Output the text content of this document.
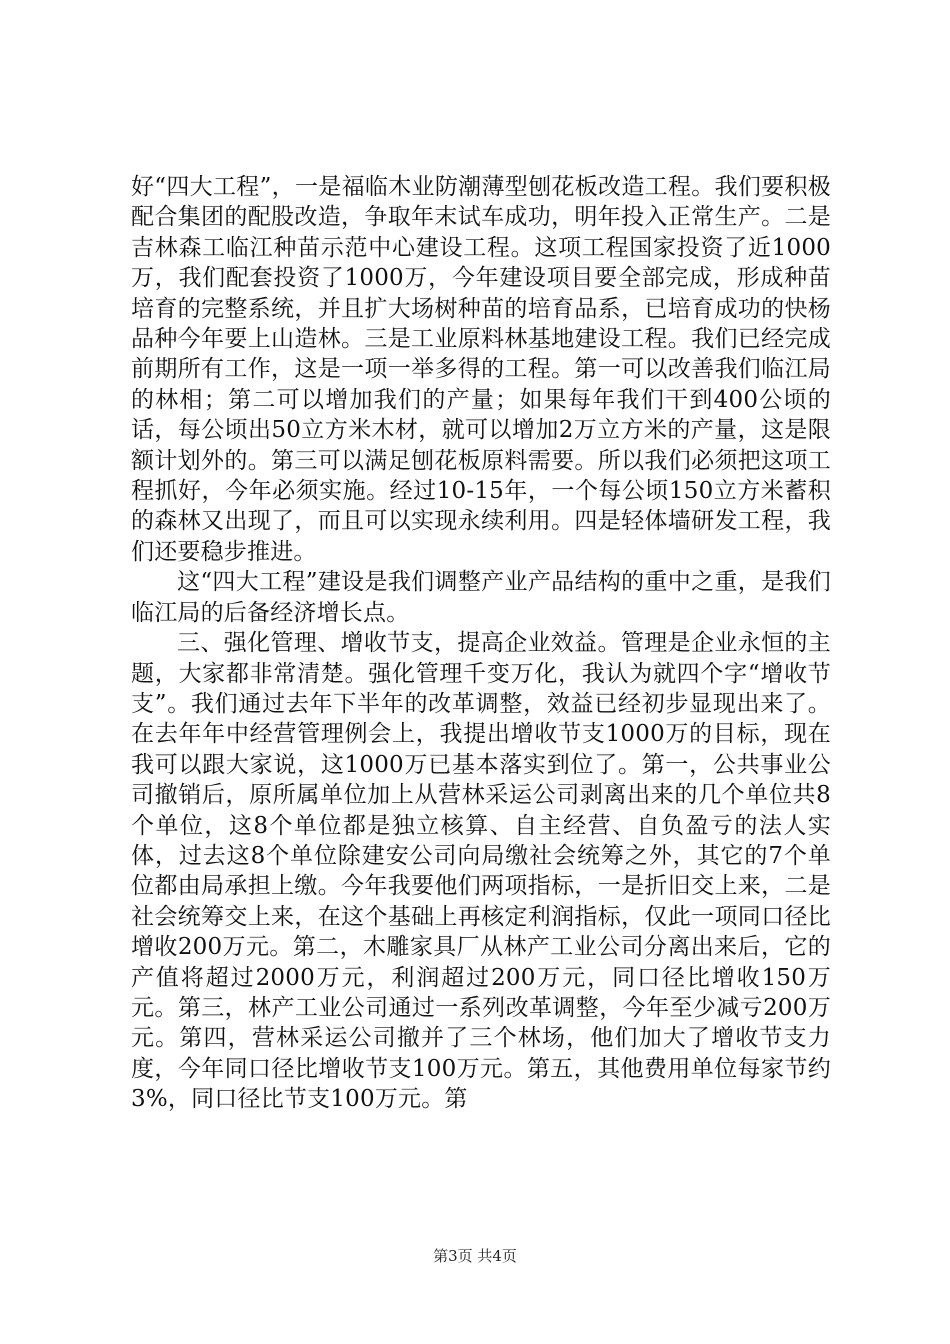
好“四大工程”，一是福临木业防潮薄型刨花板改造工程。我们要积极配合集团的配股改造，争取年末试车成功，明年投入正常生产。二是吉林森工临江种苗示范中心建设工程。这项工程国家投资了近1000万，我们配套投资了1000万，今年建设项目要全部完成，形成种苗培育的完整系统，并且扩大场树种苗的培育品系，已培育成功的快杨品种今年要上山造林。三是工业原料林基地建设工程。我们已经完成前期所有工作，这是一项一举多得的工程。第一可以改善我们临江局的林相；第二可以增加我们的产量；如果每年我们干到400公顷的话，每公顷出50立方米木材，就可以增加2万立方米的产量，这是限额计划外的。第三可以满足刨花板原料需要。所以我们必须把这项工程抓好，今年必须实施。经过10-15年，一个每公顷150立方米蓄积的森林又出现了，而且可以实现永续利用。四是轻体墙研发工程，我们还要稳步推进。

这“四大工程”建设是我们调整产业产品结构的重中之重，是我们临江局的后备经济增长点。

三、强化管理、增收节支，提高企业效益。管理是企业永恒的主题，大家都非常清楚。强化管理千变万化，我认为就四个字“增收节支”。我们通过去年下半年的改革调整，效益已经初步显现出来了。在去年年中经营管理例会上，我提出增收节支1000万的目标，现在我可以跟大家说，这1000万已基本落实到位了。第一，公共事业公司撤销后，原所属单位加上从营林采运公司剥离出来的几个单位共8个单位，这8个单位都是独立核算、自主经营、自负盈亏的法人实体，过去这8个单位除建安公司向局缴社会统筹之外，其它的7个单位都由局承担上缴。今年我要他们两项指标，一是折旧交上来，二是社会统筹交上来，在这个基础上再核定利润指标，仅此一项同口径比增收200万元。第二，木雕家具厂从林产工业公司分离出来后，它的产值将超过2000万元，利润超过200万元，同口径比增收150万元。第三，林产工业公司通过一系列改革调整，今年至少减亏200万元。第四，营林采运公司撤并了三个林场，他们加大了增收节支力度，今年同口径比增收节支100万元。第五，其他费用单位每家节约3%，同口径比节支100万元。第

第3页 共4页
